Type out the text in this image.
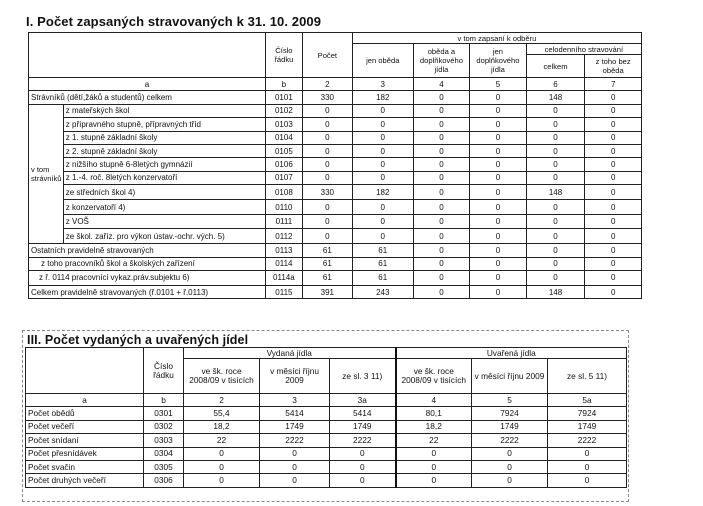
I. Počet zapsaných stravovaných k 31. 10. 2009
		Číslo řádku	Počet	v tom zapsaní k odběru				
				jen oběda	oběda a doplňkového jídla	jen doplňkového jídla	celodenního stravování	
							celkem	z toho bez oběda
a		b	2	3	4	5	6	7
Strávníků (dětí,žáků a studentů) celkem		0101	330	182	0	0	148	0
v tom strávníků	z mateřských škol	0102	0	0	0	0	0	0
	z přípravného stupně, přípravných tříd	0103	0	0	0	0	0	0
	z 1. stupně základní školy	0104	0	0	0	0	0	0
	z 2. stupně základní školy	0105	0	0	0	0	0	0
	z nižšího stupně 6-8letých gymnázií	0106	0	0	0	0	0	0
	z 1.-4. roč. 8letých konzervatoří	0107	0	0	0	0	0	0
	ze středních škol 4)	0108	330	182	0	0	148	0
	z konzervatoří 4)	0110	0	0	0	0	0	0
	z VOŠ	0111	0	0	0	0	0	0
	ze škol. zaříz. pro výkon ústav.-ochr. vých. 5)	0112	0	0	0	0	0	0
Ostatních pravidelně stravovaných		0113	61	61	0	0	0	0
z toho pracovníků škol a školských zařízení		0114	61	61	0	0	0	0
z ř. 0114 pracovníci vykaz.práv.subjektu 6)		0114a	61	61	0	0	0	0
Celkem pravidelně stravovaných (ř.0101 + ř.0113)		0115	391	243	0	0	148	0
III. Počet vydaných a uvařených jídel
	Číslo řádku	Vydaná jídla			Uvařená jídla		
		ve šk. roce 2008/09 v tisících	v měsíci říjnu 2009	ze sl. 3 11)	ve šk. roce 2008/09 v tisících	v měsíci říjnu 2009	ze sl. 5 11)
a	b	2	3	3a	4	5	5a
Počet obědů	0301	55,4	5414	5414	80,1	7924	7924
Počet večeří	0302	18,2	1749	1749	18,2	1749	1749
Počet snídaní	0303	22	2222	2222	22	2222	2222
Počet přesnídávek	0304	0	0	0	0	0	0
Počet svačin	0305	0	0	0	0	0	0
Počet druhých večeří	0306	0	0	0	0	0	0
